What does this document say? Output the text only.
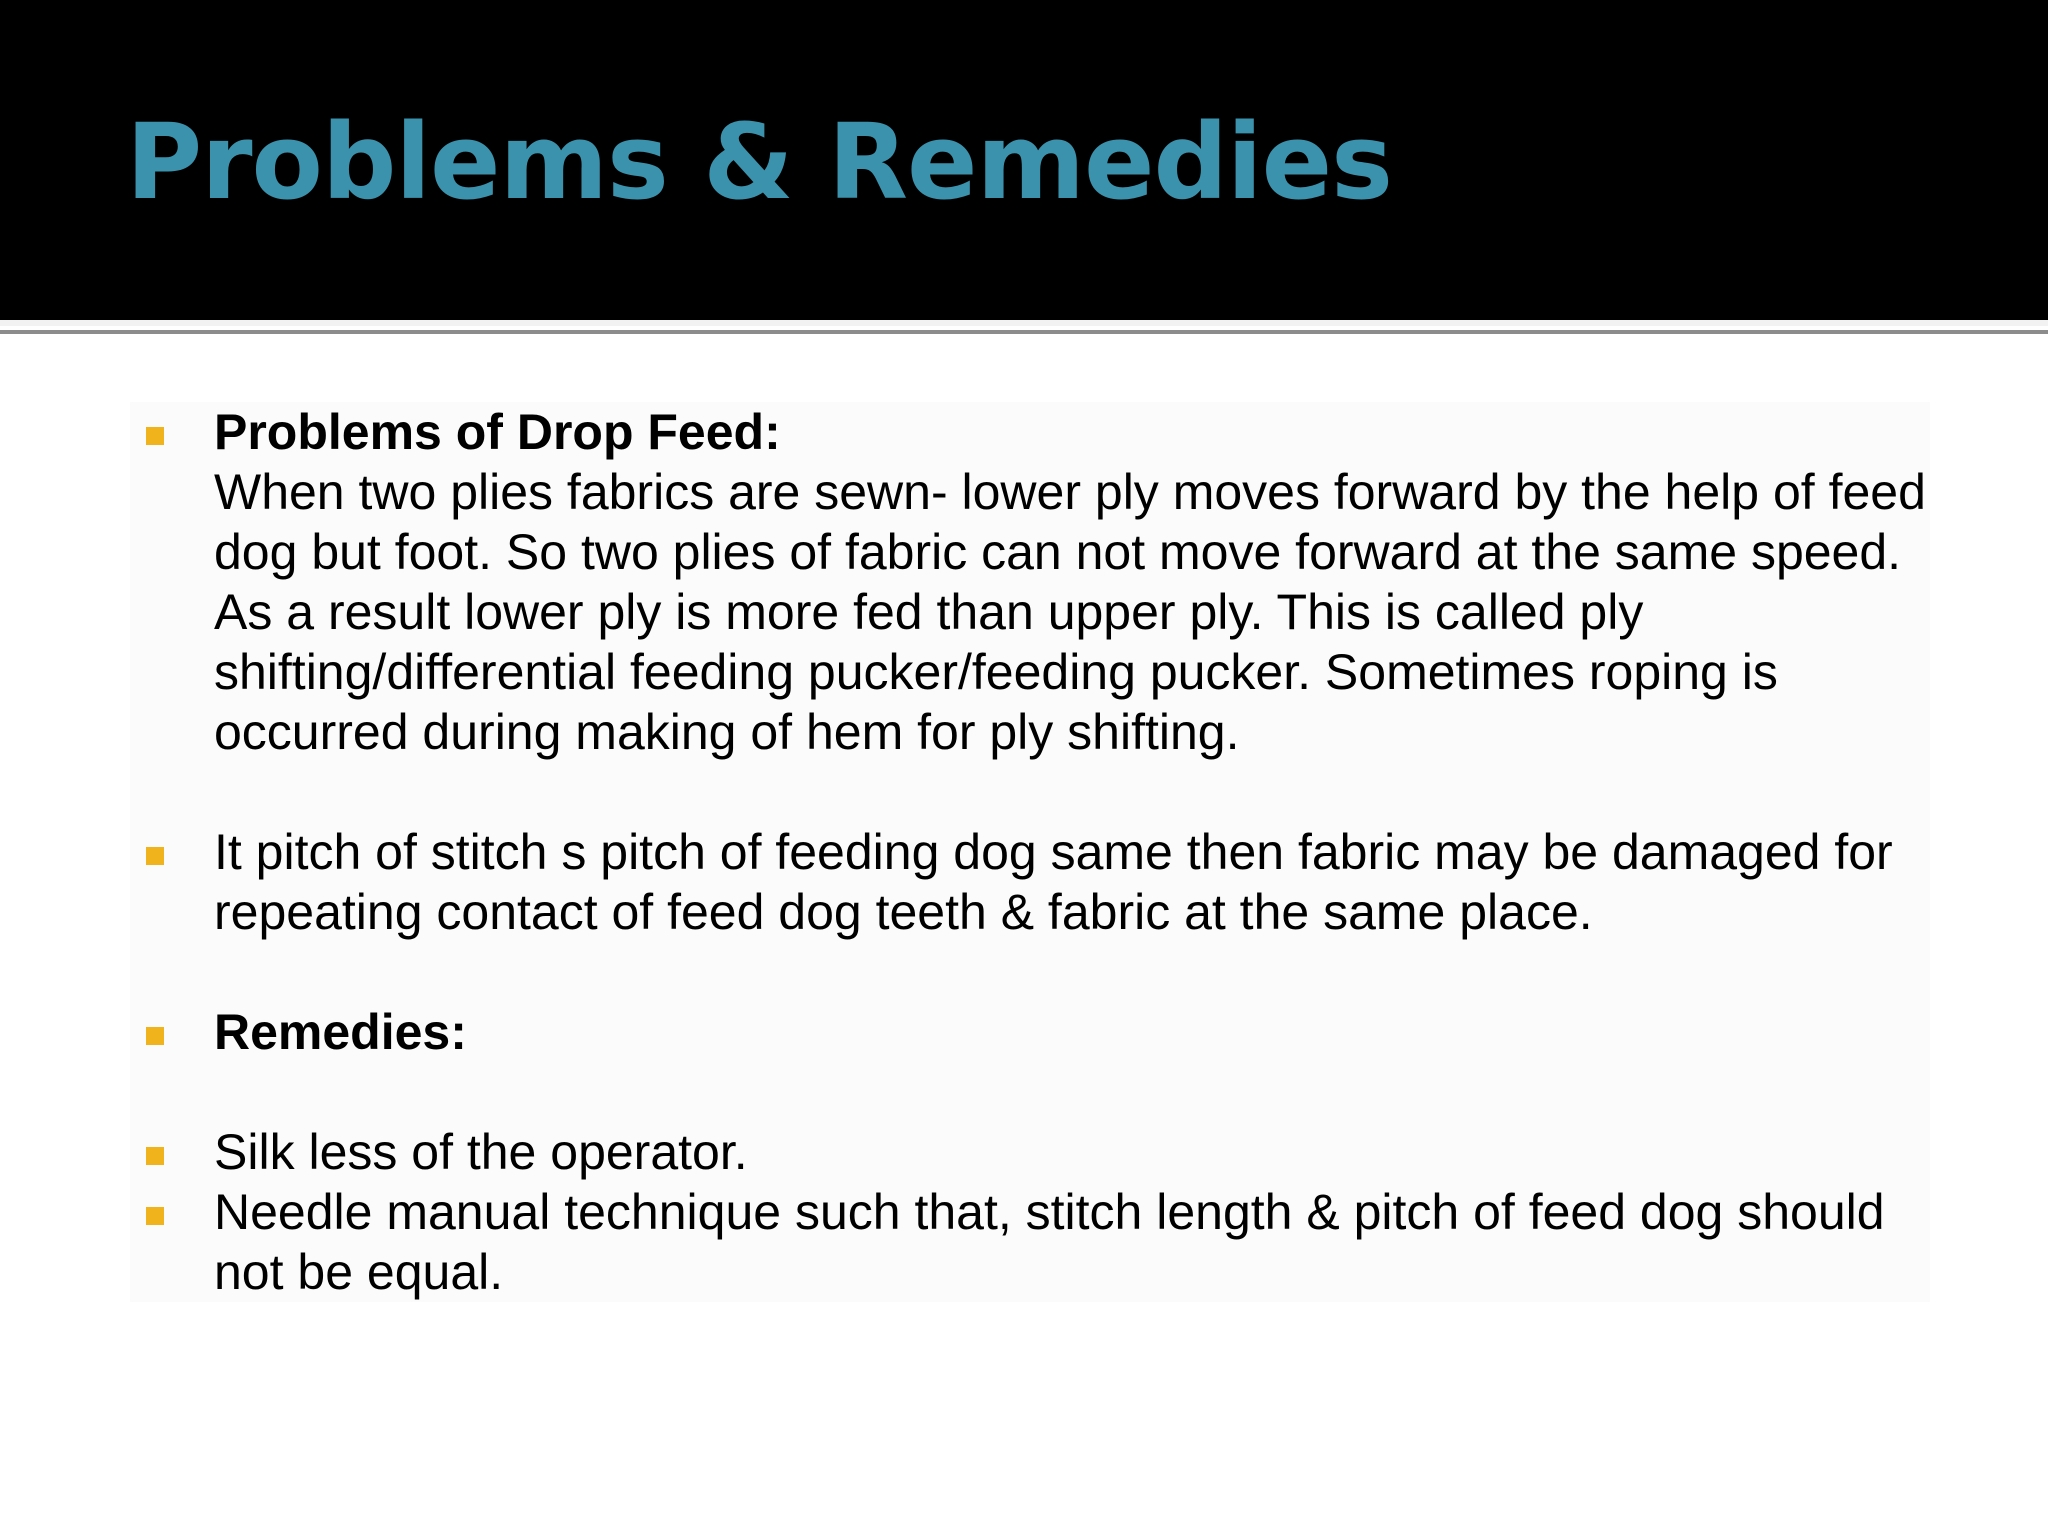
Problems & Remedies
Problems of Drop Feed:
When two plies fabrics are sewn- lower ply moves forward by the help of feed dog but foot. So two plies of fabric can not move forward at the same speed. As a result lower ply is more fed than upper ply. This is called ply shifting/differential feeding pucker/feeding pucker. Sometimes roping is occurred during making of hem for ply shifting.
It pitch of stitch s pitch of feeding dog same then fabric may be damaged for repeating contact of feed dog teeth & fabric at the same place.
Remedies:
Silk less of the operator.
Needle manual technique such that, stitch length & pitch of feed dog should not be equal.
